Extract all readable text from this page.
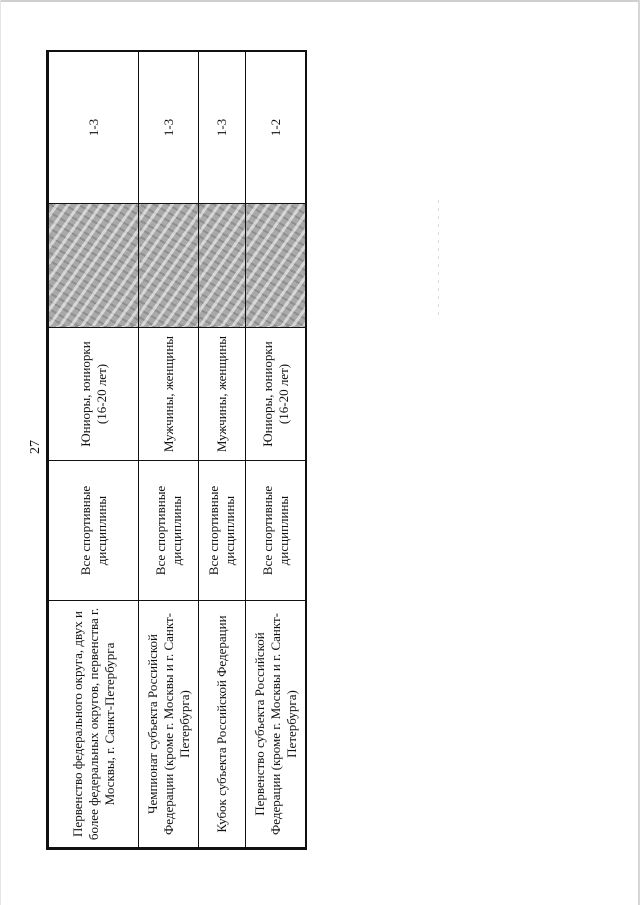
27
Первенство федерального округа, двух и более федеральных округов, первенства г. Москвы, г. Санкт-Петербурга	Все спортивные дисциплины	Юниоры, юниорки (16-20 лет)		1-3
Чемпионат субъекта Российской Федерации (кроме г. Москвы и г. Санкт-Петербурга)	Все спортивные дисциплины	Мужчины, женщины		1-3
Кубок субъекта Российской Федерации	Все спортивные дисциплины	Мужчины, женщины		1-3
Первенство субъекта Российской Федерации (кроме г. Москвы и г. Санкт-Петербурга)	Все спортивные дисциплины	Юниоры, юниорки (16-20 лет)		1-2
